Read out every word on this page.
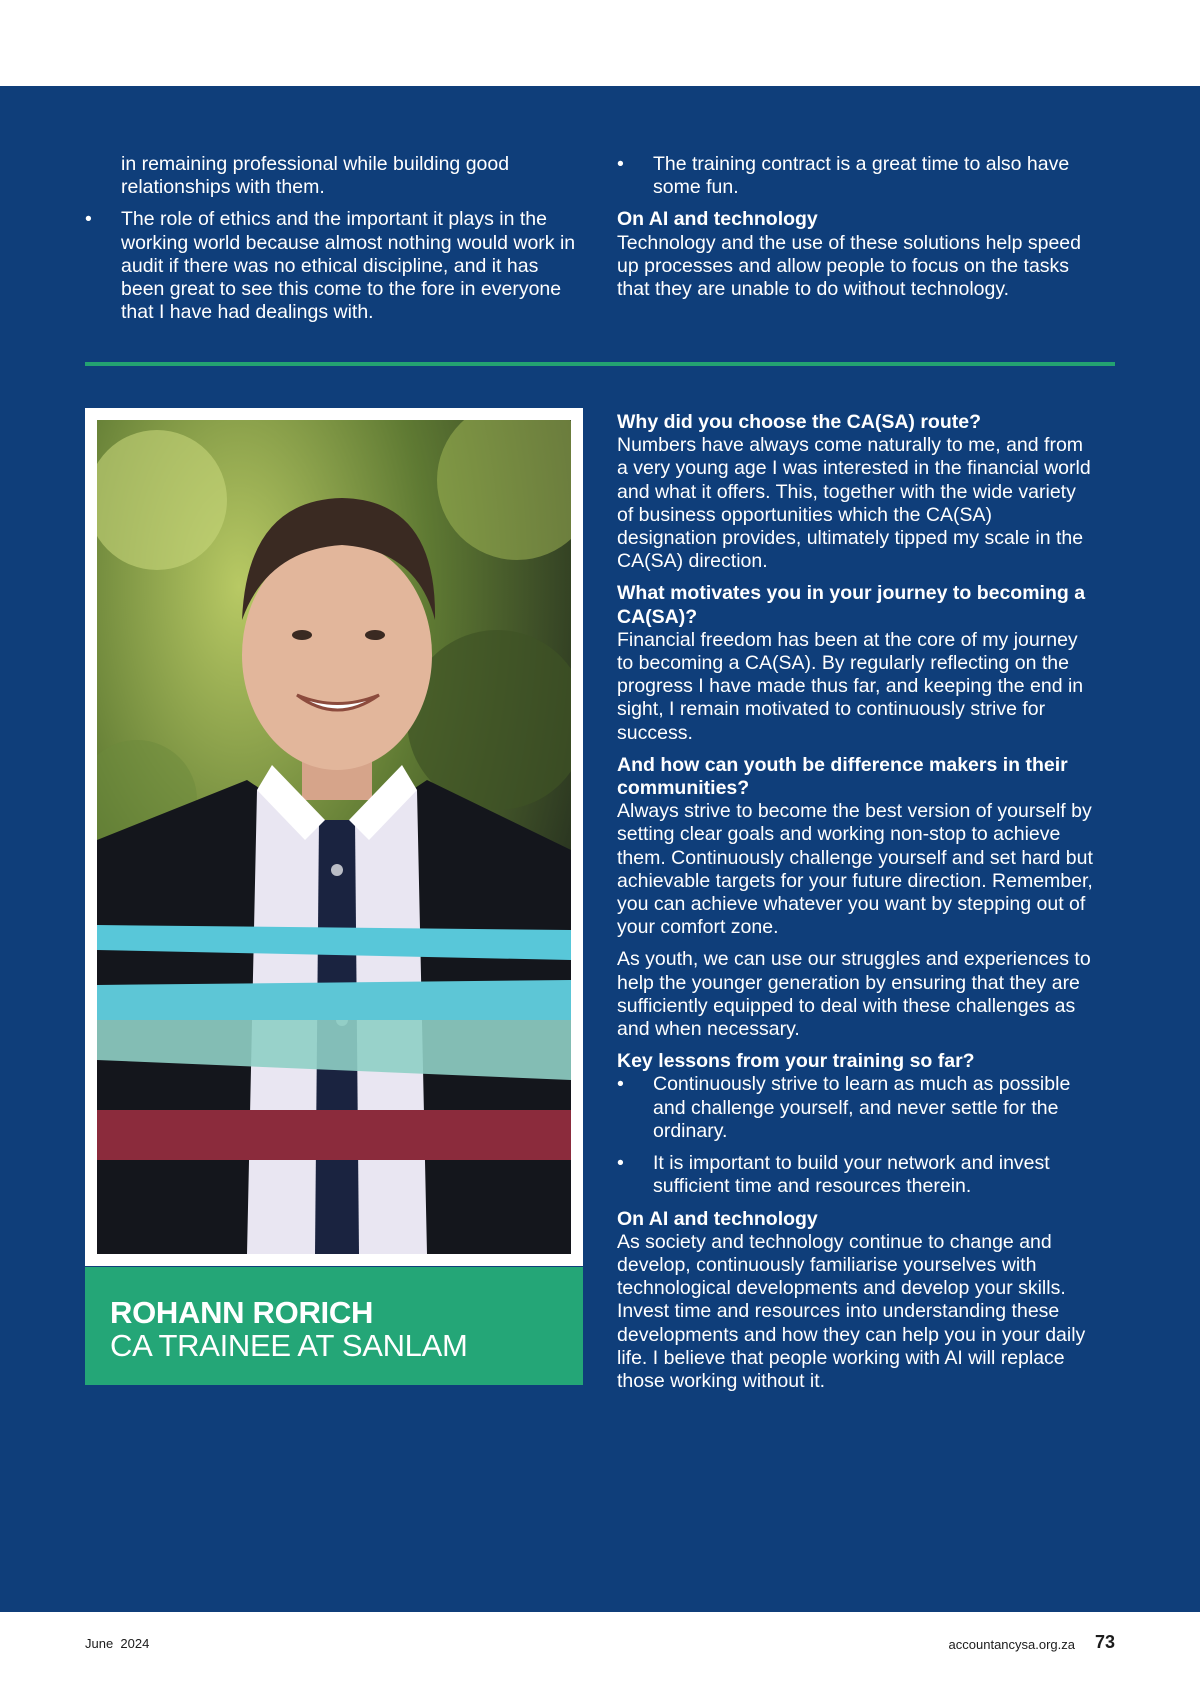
in remaining professional while building good relationships with them.
• The role of ethics and the important it plays in the working world because almost nothing would work in audit if there was no ethical discipline, and it has been great to see this come to the fore in everyone that I have had dealings with.
• The training contract is a great time to also have some fun.

On AI and technology

Technology and the use of these solutions help speed up processes and allow people to focus on the tasks that they are unable to do without technology.

ROHANN RORICH
CA TRAINEE AT SANLAM

Why did you choose the CA(SA) route?

Numbers have always come naturally to me, and from a very young age I was interested in the financial world and what it offers. This, together with the wide variety of business opportunities which the CA(SA) designation provides, ultimately tipped my scale in the CA(SA) direction.

What motivates you in your journey to becoming a CA(SA)?

Financial freedom has been at the core of my journey to becoming a CA(SA). By regularly reflecting on the progress I have made thus far, and keeping the end in sight, I remain motivated to continuously strive for success.

And how can youth be difference makers in their communities?

Always strive to become the best version of yourself by setting clear goals and working non-stop to achieve them. Continuously challenge yourself and set hard but achievable targets for your future direction. Remember, you can achieve whatever you want by stepping out of your comfort zone.

As youth, we can use our struggles and experiences to help the younger generation by ensuring that they are sufficiently equipped to deal with these challenges as and when necessary.

Key lessons from your training so far?

• Continuously strive to learn as much as possible and challenge yourself, and never settle for the ordinary.
• It is important to build your network and invest sufficient time and resources therein.

On AI and technology

As society and technology continue to change and develop, continuously familiarise yourselves with technological developments and develop your skills. Invest time and resources into understanding these developments and how they can help you in your daily life. I believe that people working with AI will replace those working without it.

June  2024	accountancysa.org.za 73
